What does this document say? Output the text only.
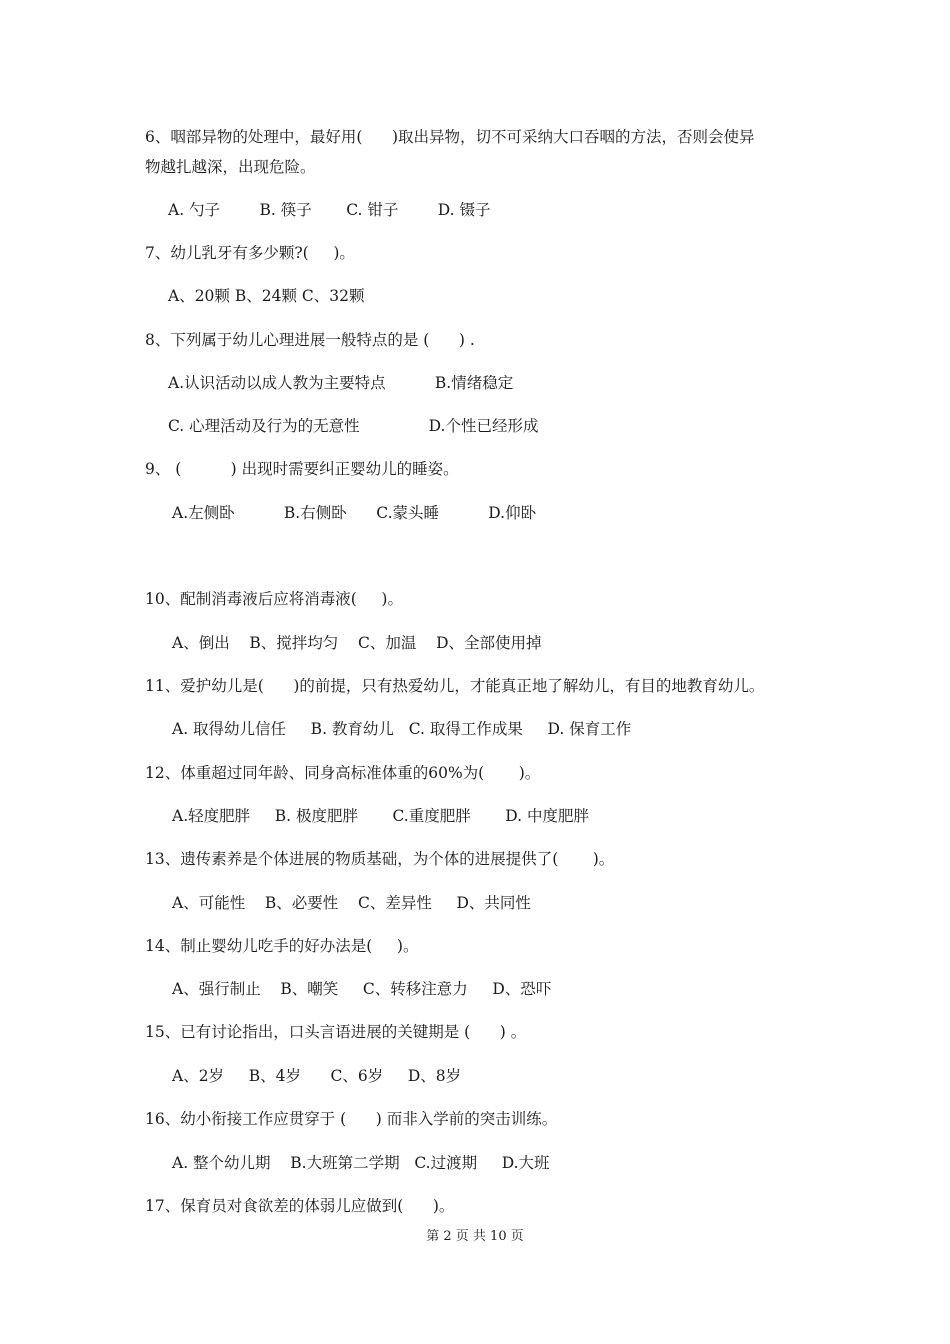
6、咽部异物的处理中，最好用(      )取出异物，切不可采纳大口吞咽的方法，否则会使异
物越扎越深，出现危险。
A. 勺子        B. 筷子       C. 钳子        D. 镊子
7、幼儿乳牙有多少颗?(     )。
A、20颗 B、24颗 C、32颗
8、下列属于幼儿心理进展一般特点的是 (      ) .
A.认识活动以成人教为主要特点          B.情绪稳定
C. 心理活动及行为的无意性              D.个性已经形成
9、 (          ) 出现时需要纠正婴幼儿的睡姿。
A.左侧卧          B.右侧卧      C.蒙头睡          D.仰卧
10、配制消毒液后应将消毒液(     )。
A、倒出    B、搅拌均匀    C、加温    D、全部使用掉
11、爱护幼儿是(      )的前提，只有热爱幼儿，才能真正地了解幼儿，有目的地教育幼儿。
A. 取得幼儿信任     B. 教育幼儿   C. 取得工作成果     D. 保育工作
12、体重超过同年龄、同身高标准体重的60%为(       )。
A.轻度肥胖     B. 极度肥胖       C.重度肥胖       D. 中度肥胖
13、遗传素养是个体进展的物质基础，为个体的进展提供了(       )。
A、可能性    B、必要性    C、差异性     D、共同性
14、制止婴幼儿吃手的好办法是(     )。
A、强行制止    B、嘲笑     C、转移注意力     D、恐吓
15、已有讨论指出，口头言语进展的关键期是 (      ) 。
A、2岁     B、4岁      C、6岁     D、8岁
16、幼小衔接工作应贯穿于 (      ) 而非入学前的突击训练。
A. 整个幼儿期    B.大班第二学期   C.过渡期     D.大班
17、保育员对食欲差的体弱儿应做到(      )。
第 2 页 共 10 页
